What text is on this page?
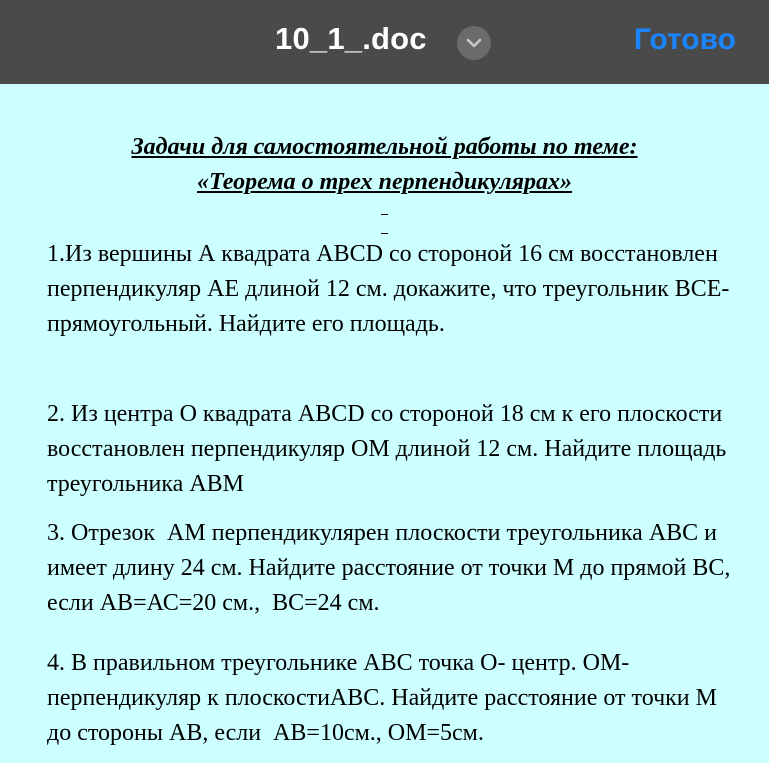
10_1_.doc	Готово
Задачи для самостоятельной работы по теме:
«Теорема о трех перпендикулярах»
1.Из вершины А квадрата ABCD со стороной 16 см восстановлен перпендикуляр АЕ длиной 12 см. докажите, что треугольник ВСЕ- прямоугольный. Найдите его площадь.
2. Из центра О квадрата ABCD со стороной 18 см к его плоскости восстановлен перпендикуляр ОМ длиной 12 см. Найдите площадь треугольника АВМ
3. Отрезок  АМ перпендикулярен плоскости треугольника АВС и имеет длину 24 см. Найдите расстояние от точки М до прямой ВС, если АВ=АС=20 см.,  ВС=24 см.
4. В правильном треугольнике АВС точка О- центр. ОМ- перпендикуляр к плоскостиАВС. Найдите расстояние от точки М до стороны АВ, если  АВ=10см., ОМ=5см.
